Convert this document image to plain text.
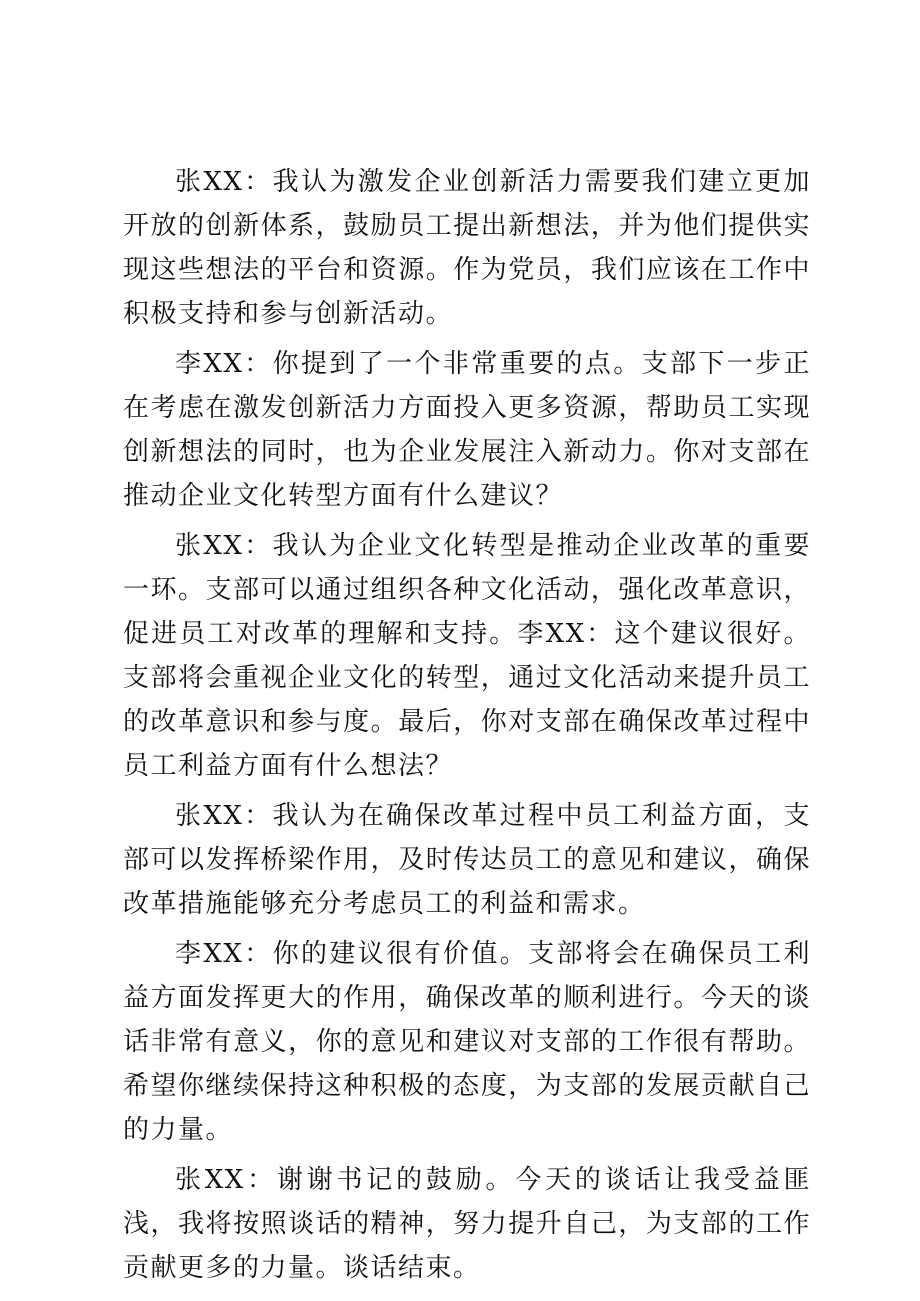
张XX：我认为激发企业创新活力需要我们建立更加开放的创新体系，鼓励员工提出新想法，并为他们提供实现这些想法的平台和资源。作为党员，我们应该在工作中积极支持和参与创新活动。

李XX：你提到了一个非常重要的点。支部下一步正在考虑在激发创新活力方面投入更多资源，帮助员工实现创新想法的同时，也为企业发展注入新动力。你对支部在推动企业文化转型方面有什么建议？

张XX：我认为企业文化转型是推动企业改革的重要一环。支部可以通过组织各种文化活动，强化改革意识，促进员工对改革的理解和支持。李XX：这个建议很好。支部将会重视企业文化的转型，通过文化活动来提升员工的改革意识和参与度。最后，你对支部在确保改革过程中员工利益方面有什么想法？

张XX：我认为在确保改革过程中员工利益方面，支部可以发挥桥梁作用，及时传达员工的意见和建议，确保改革措施能够充分考虑员工的利益和需求。

李XX：你的建议很有价值。支部将会在确保员工利益方面发挥更大的作用，确保改革的顺利进行。今天的谈话非常有意义，你的意见和建议对支部的工作很有帮助。希望你继续保持这种积极的态度，为支部的发展贡献自己的力量。

张XX：谢谢书记的鼓励。今天的谈话让我受益匪浅，我将按照谈话的精神，努力提升自己，为支部的工作贡献更多的力量。谈话结束。
